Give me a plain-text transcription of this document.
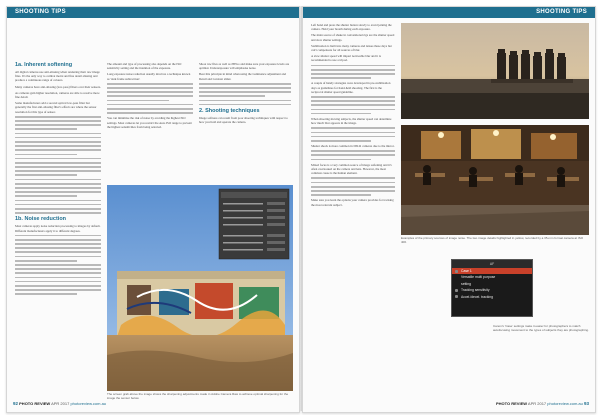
SHOOTING TIPS
1a. Inherent softening

All digital cameras use anti-aliasing when rendering their raw image files. It's the only way to combat moiré and fine detail aliasing and produce a continuous range of colours.

Many cameras have anti-aliasing (low-pass) filters over their sensors.

As cameras gain higher resolution, cameras are able to resolve more fine detail.

Some manufacturers add a second optical low-pass filter but generally the first anti-aliasing filter's effects are where the sensor resolution for this type of sensor.

1b. Noise reduction

Most cameras apply noise reduction processing to images by default. Different manufacturers apply it to different degrees.

The amount and type of processing also depends on the ISO sensitivity setting and the intention of the exposure.

Long exposure noise reduction usually involves a technique known as 'dark frame subtraction'.

You can minimise the risk of noise by avoiding the highest ISO settings. Most cameras let you restrict the Auto ISO range to prevent the highest sensitivities from being selected.

Shoot raw files as well as JPEGs and make sure your exposure levels are optimal. Underexposure will emphasise noise.

Bear this principle in mind when using the Luminance adjustment and Detail and Contrast slider.

2. Shooting techniques

Image softness can result from poor shooting techniques with respect to how you hold and operate the camera.

The screen grab above the image shows the sharpening adjustments made in Adobe Camera Raw to achieve optimal sharpening for the image the sensor below.
92 PHOTO REVIEW APR 2017 photoreview.com.au
SHOOTING TIPS

Left hand and press the shutter button slowly to avoid jerking the camera. Hold your breath during each exposure.

The main source of shake in conventional rigs are the shutter speed and slow shutter settings.

Stabilisation is built into many cameras and lenses these days but can't compensate for all sources of blur.

A slow shutter speed will impart noticeable blur and it is recommended to use a tripod.

A couple of handy strategies were developed in pre-stabilisation days as guidelines for hand-held shooting. The first is the reciprocal shutter speed guideline.

When shooting moving subjects, the shutter speed can determine how much blur appears in the image.

Shutter shock is more common in DSLR cameras due to the mirror.

Mixed focus is a very common source of image softening and it's often overlooked on the camera and lens. However, the most common cause is the human element.

Make sure you learn the options your camera provides for tracking the most relevant subject.

Examples of the primary sources of image noise. The two image details highlighted in yellow, recorded by a 35-mm format camera at ISO 400.
AF
Case 1
Versatile multi purpose
setting
Tracking sensitivity
Accel./decel. tracking
Canon's 'Case' settings make it easier for photographers to match autofocusing movement to the types of subjects they are photographing.
PHOTO REVIEW APR 2017 photoreview.com.au 93
